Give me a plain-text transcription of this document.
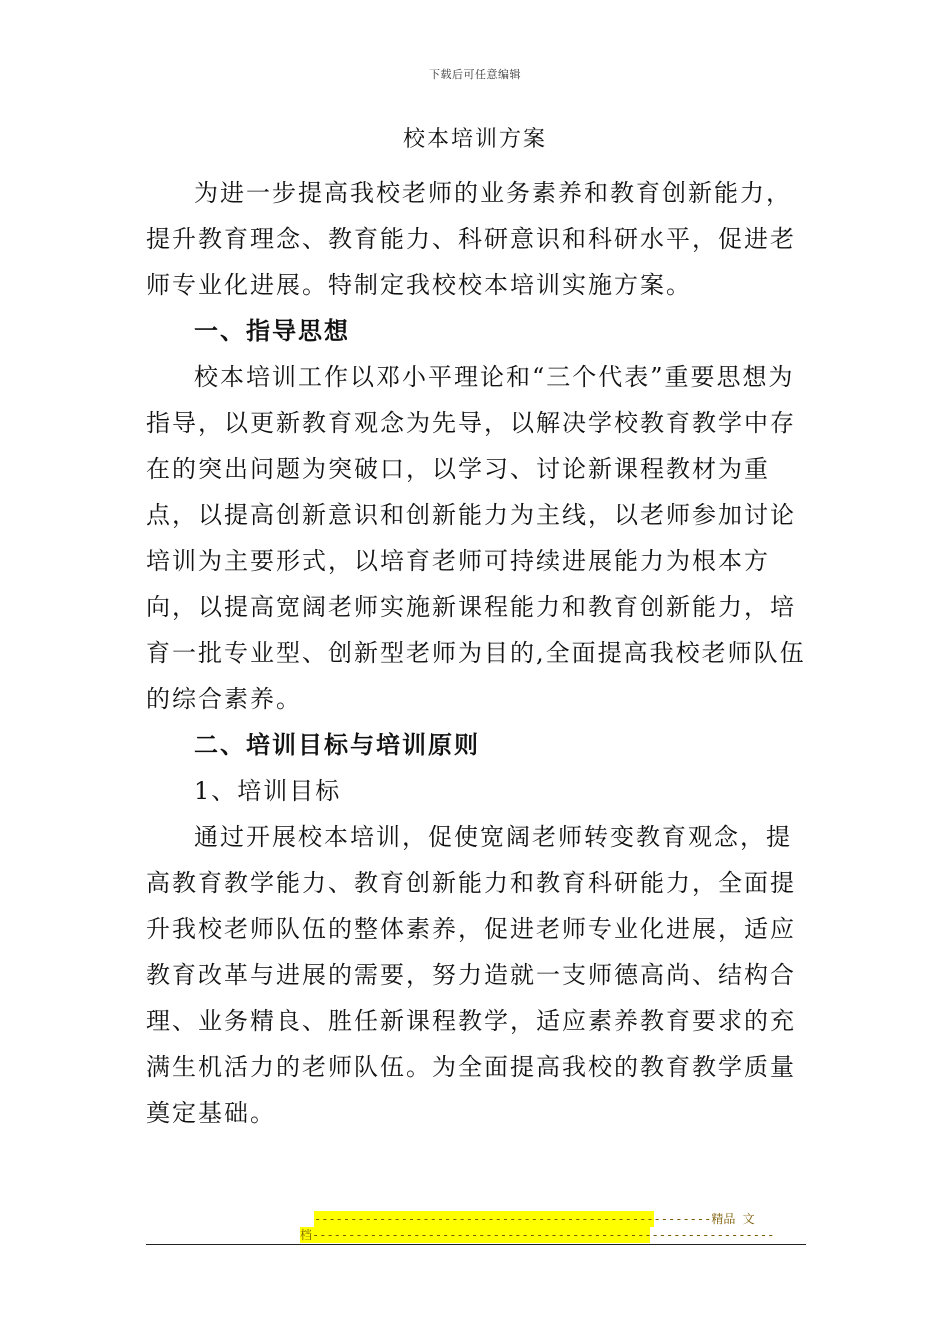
下载后可任意编辑
校本培训方案

为进一步提高我校老师的业务素养和教育创新能力，提升教育理念、教育能力、科研意识和科研水平，促进老师专业化进展。特制定我校校本培训实施方案。

一、指导思想

校本培训工作以邓小平理论和“三个代表”重要思想为指导，以更新教育观念为先导，以解决学校教育教学中存在的突出问题为突破口，以学习、讨论新课程教材为重点，以提高创新意识和创新能力为主线，以老师参加讨论培训为主要形式，以培育老师可持续进展能力为根本方向，以提高宽阔老师实施新课程能力和教育创新能力，培育一批专业型、创新型老师为目的,全面提高我校老师队伍的综合素养。

二、培训目标与培训原则

1、培训目标

通过开展校本培训，促使宽阔老师转变教育观念，提高教育教学能力、教育创新能力和教育科研能力，全面提升我校老师队伍的整体素养，促进老师专业化进展，适应教育改革与进展的需要，努力造就一支师德高尚、结构合理、业务精良、胜任新课程教学，适应素养教育要求的充满生机活力的老师队伍。为全面提高我校的教育教学质量奠定基础。

-------------------------------------------------------精品 文 档----------------------------------------------------------------
